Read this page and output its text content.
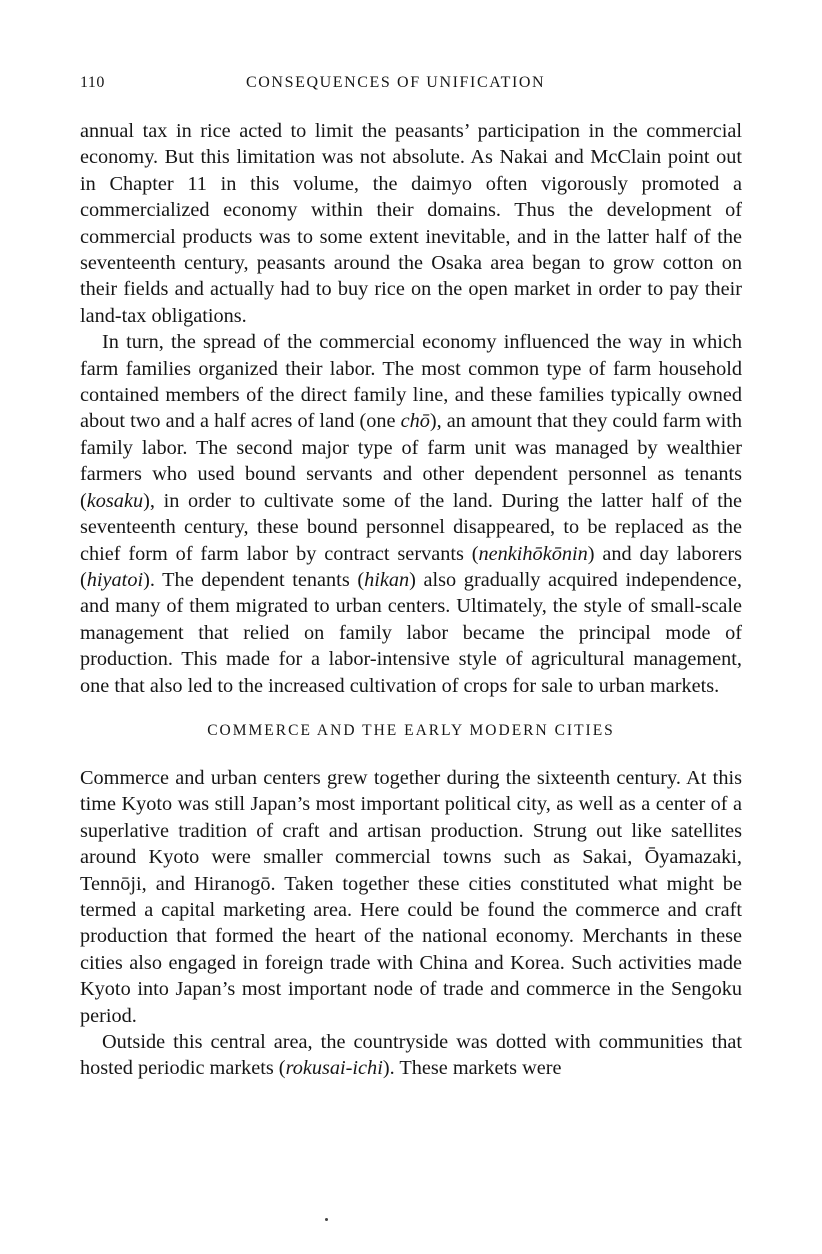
110	CONSEQUENCES OF UNIFICATION

annual tax in rice acted to limit the peasants’ participation in the commercial economy. But this limitation was not absolute. As Nakai and McClain point out in Chapter 11 in this volume, the daimyo often vigorously promoted a commercialized economy within their domains. Thus the development of commercial products was to some extent inevitable, and in the latter half of the seventeenth century, peasants around the Osaka area began to grow cotton on their fields and actually had to buy rice on the open market in order to pay their land-tax obligations.

In turn, the spread of the commercial economy influenced the way in which farm families organized their labor. The most common type of farm household contained members of the direct family line, and these families typically owned about two and a half acres of land (one chō), an amount that they could farm with family labor. The second major type of farm unit was managed by wealthier farmers who used bound servants and other dependent personnel as tenants (kosaku), in order to cultivate some of the land. During the latter half of the seventeenth century, these bound personnel disappeared, to be replaced as the chief form of farm labor by contract servants (nenkihōkōnin) and day laborers (hiyatoi). The dependent tenants (hikan) also gradually acquired independence, and many of them migrated to urban centers. Ultimately, the style of small-scale management that relied on family labor became the principal mode of production. This made for a labor-intensive style of agricultural management, one that also led to the increased cultivation of crops for sale to urban markets.

COMMERCE AND THE EARLY MODERN CITIES

Commerce and urban centers grew together during the sixteenth century. At this time Kyoto was still Japan’s most important political city, as well as a center of a superlative tradition of craft and artisan production. Strung out like satellites around Kyoto were smaller commercial towns such as Sakai, Ōyamazaki, Tennōji, and Hiranogō. Taken together these cities constituted what might be termed a capital marketing area. Here could be found the commerce and craft production that formed the heart of the national economy. Merchants in these cities also engaged in foreign trade with China and Korea. Such activities made Kyoto into Japan’s most important node of trade and commerce in the Sengoku period.

Outside this central area, the countryside was dotted with communities that hosted periodic markets (rokusai-ichi). These markets were
